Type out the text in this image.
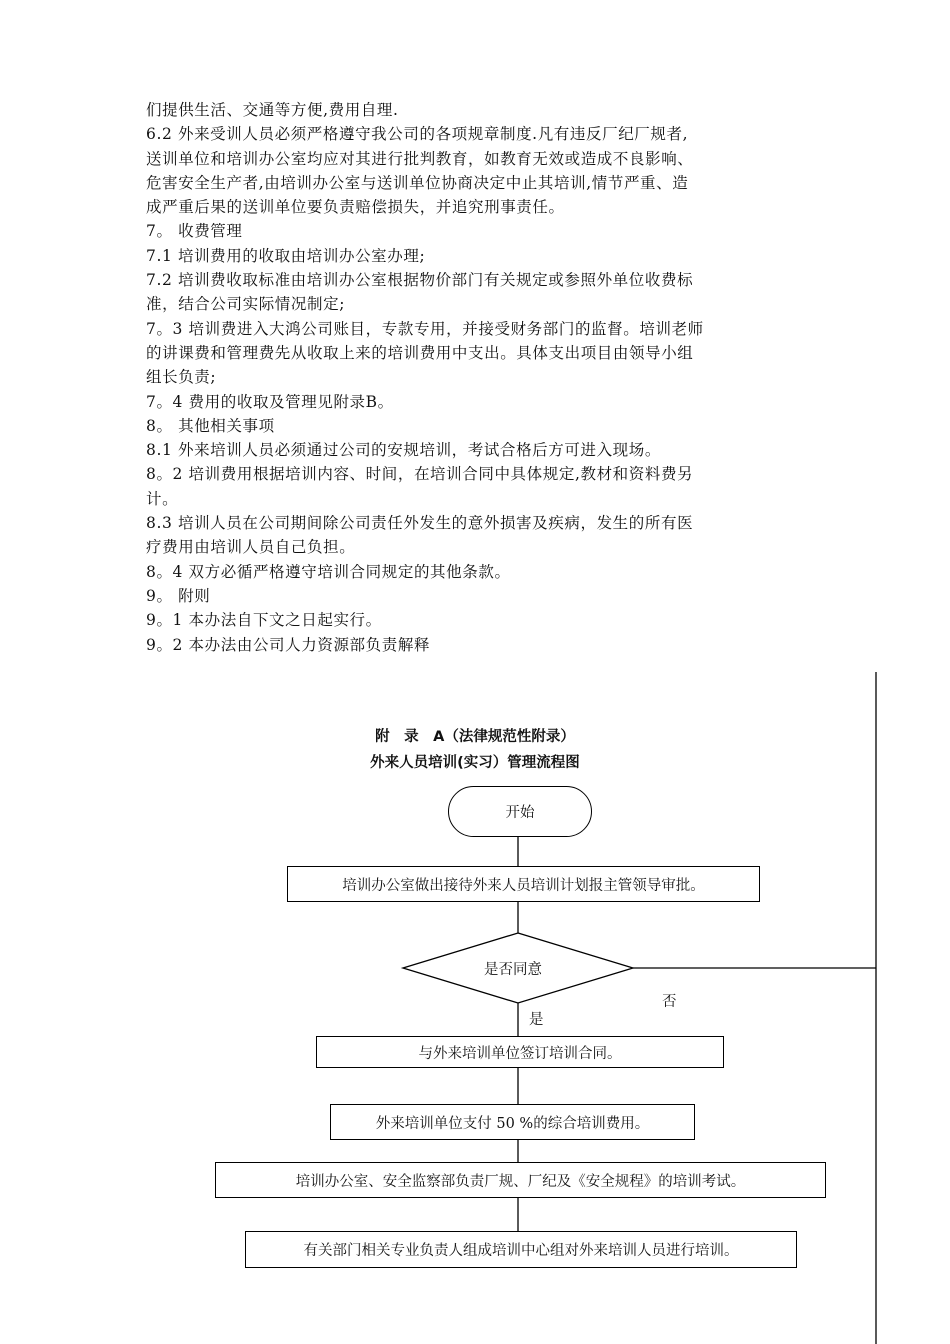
们提供生活、交通等方便,费用自理.
6.2 外来受训人员必须严格遵守我公司的各项规章制度.凡有违反厂纪厂规者,
送训单位和培训办公室均应对其进行批判教育，如教育无效或造成不良影响、
危害安全生产者,由培训办公室与送训单位协商决定中止其培训,情节严重、造
成严重后果的送训单位要负责赔偿损失，并追究刑事责任。
7。 收费管理
7.1 培训费用的收取由培训办公室办理;
7.2 培训费收取标准由培训办公室根据物价部门有关规定或参照外单位收费标
准，结合公司实际情况制定;
7。3 培训费进入大鸿公司账目，专款专用，并接受财务部门的监督。培训老师
的讲课费和管理费先从收取上来的培训费用中支出。具体支出项目由领导小组
组长负责;
7。4 费用的收取及管理见附录B。
8。 其他相关事项
8.1 外来培训人员必须通过公司的安规培训，考试合格后方可进入现场。
8。2 培训费用根据培训内容、时间，在培训合同中具体规定,教材和资料费另
计。
8.3 培训人员在公司期间除公司责任外发生的意外损害及疾病，发生的所有医
疗费用由培训人员自己负担。
8。4 双方必循严格遵守培训合同规定的其他条款。
9。 附则
9。1 本办法自下文之日起实行。
9。2 本办法由公司人力资源部负责解释
附　录　A（法律规范性附录）
外来人员培训(实习）管理流程图
开始
培训办公室做出接待外来人员培训计划报主管领导审批。
是否同意
否
是
与外来培训单位签订培训合同。
外来培训单位支付 50 %的综合培训费用。
培训办公室、安全监察部负责厂规、厂纪及《安全规程》的培训考试。
有关部门相关专业负责人组成培训中心组对外来培训人员进行培训。
